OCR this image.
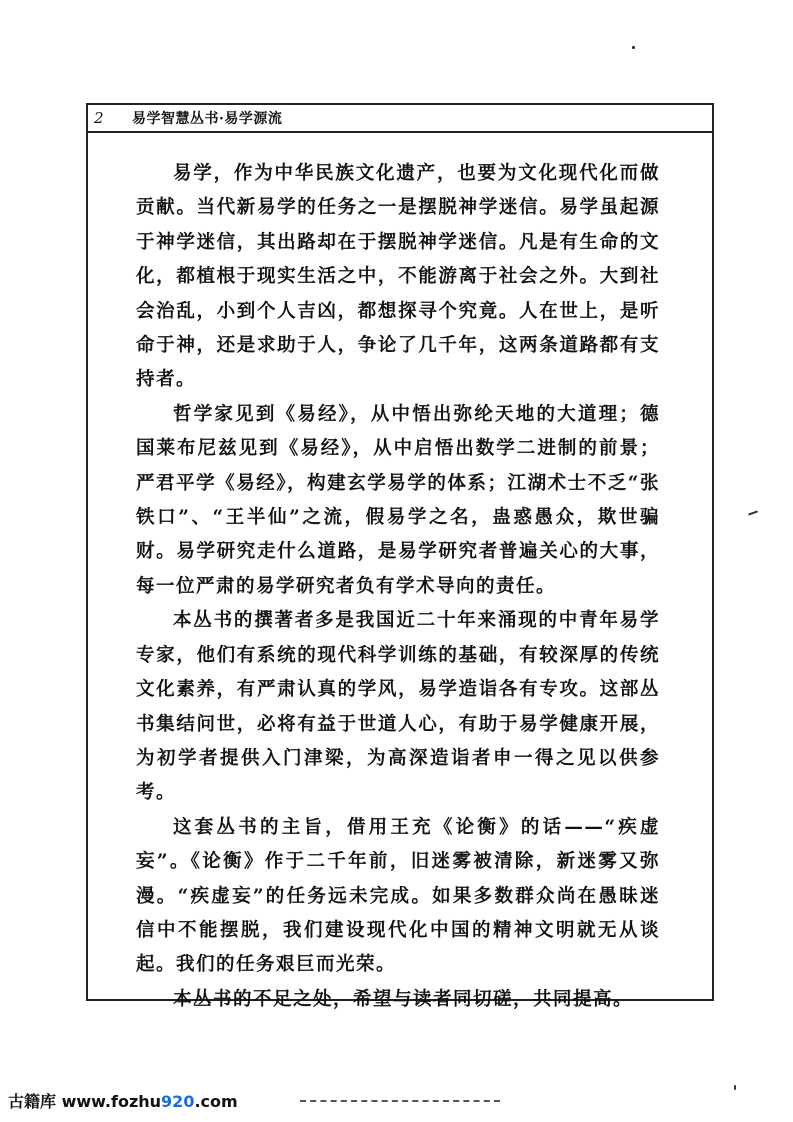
2	易学智慧丛书·易学源流

易学，作为中华民族文化遗产，也要为文化现代化而做贡献。当代新易学的任务之一是摆脱神学迷信。易学虽起源于神学迷信，其出路却在于摆脱神学迷信。凡是有生命的文化，都植根于现实生活之中，不能游离于社会之外。大到社会治乱，小到个人吉凶，都想探寻个究竟。人在世上，是听命于神，还是求助于人，争论了几千年，这两条道路都有支持者。

哲学家见到《易经》，从中悟出弥纶天地的大道理；德国莱布尼兹见到《易经》，从中启悟出数学二进制的前景；严君平学《易经》，构建玄学易学的体系；江湖术士不乏“张铁口”、“王半仙”之流，假易学之名，蛊惑愚众，欺世骗财。易学研究走什么道路，是易学研究者普遍关心的大事，每一位严肃的易学研究者负有学术导向的责任。

本丛书的撰著者多是我国近二十年来涌现的中青年易学专家，他们有系统的现代科学训练的基础，有较深厚的传统文化素养，有严肃认真的学风，易学造诣各有专攻。这部丛书集结问世，必将有益于世道人心，有助于易学健康开展，为初学者提供入门津梁，为高深造诣者申一得之见以供参考。

这套丛书的主旨，借用王充《论衡》的话——“疾虚妄”。《论衡》作于二千年前，旧迷雾被清除，新迷雾又弥漫。“疾虚妄”的任务远未完成。如果多数群众尚在愚昧迷信中不能摆脱，我们建设现代化中国的精神文明就无从谈起。我们的任务艰巨而光荣。

本丛书的不足之处，希望与读者同切磋，共同提高。

古籍库 www.fozhu920.com
